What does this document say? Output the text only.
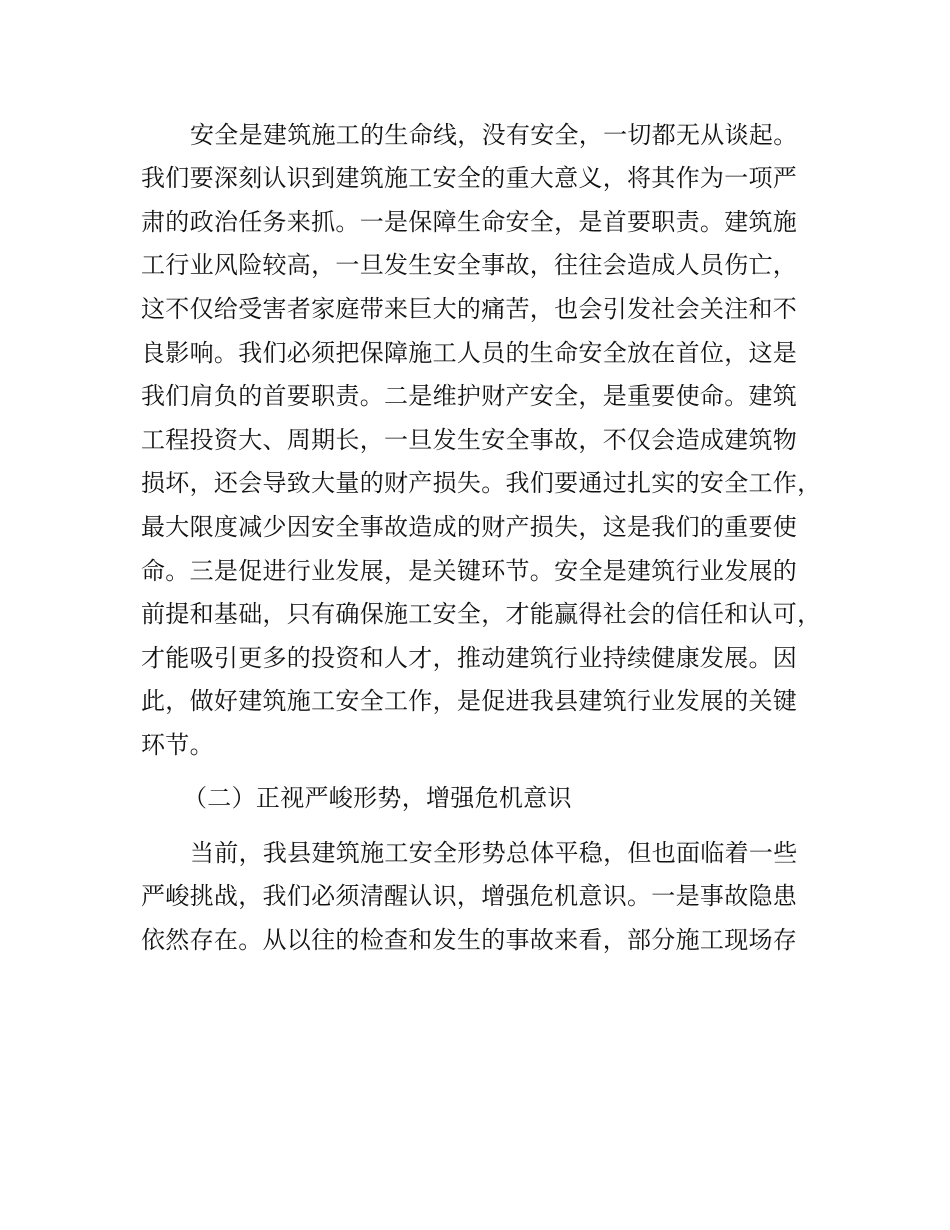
安全是建筑施工的生命线，没有安全，一切都无从谈起。
我们要深刻认识到建筑施工安全的重大意义，将其作为一项严
肃的政治任务来抓。一是保障生命安全，是首要职责。建筑施
工行业风险较高，一旦发生安全事故，往往会造成人员伤亡，
这不仅给受害者家庭带来巨大的痛苦，也会引发社会关注和不
良影响。我们必须把保障施工人员的生命安全放在首位，这是
我们肩负的首要职责。二是维护财产安全，是重要使命。建筑
工程投资大、周期长，一旦发生安全事故，不仅会造成建筑物
损坏，还会导致大量的财产损失。我们要通过扎实的安全工作，
最大限度减少因安全事故造成的财产损失，这是我们的重要使
命。三是促进行业发展，是关键环节。安全是建筑行业发展的
前提和基础，只有确保施工安全，才能赢得社会的信任和认可，
才能吸引更多的投资和人才，推动建筑行业持续健康发展。因
此，做好建筑施工安全工作，是促进我县建筑行业发展的关键
环节。
（二）正视严峻形势，增强危机意识
当前，我县建筑施工安全形势总体平稳，但也面临着一些
严峻挑战，我们必须清醒认识，增强危机意识。一是事故隐患
依然存在。从以往的检查和发生的事故来看，部分施工现场存
